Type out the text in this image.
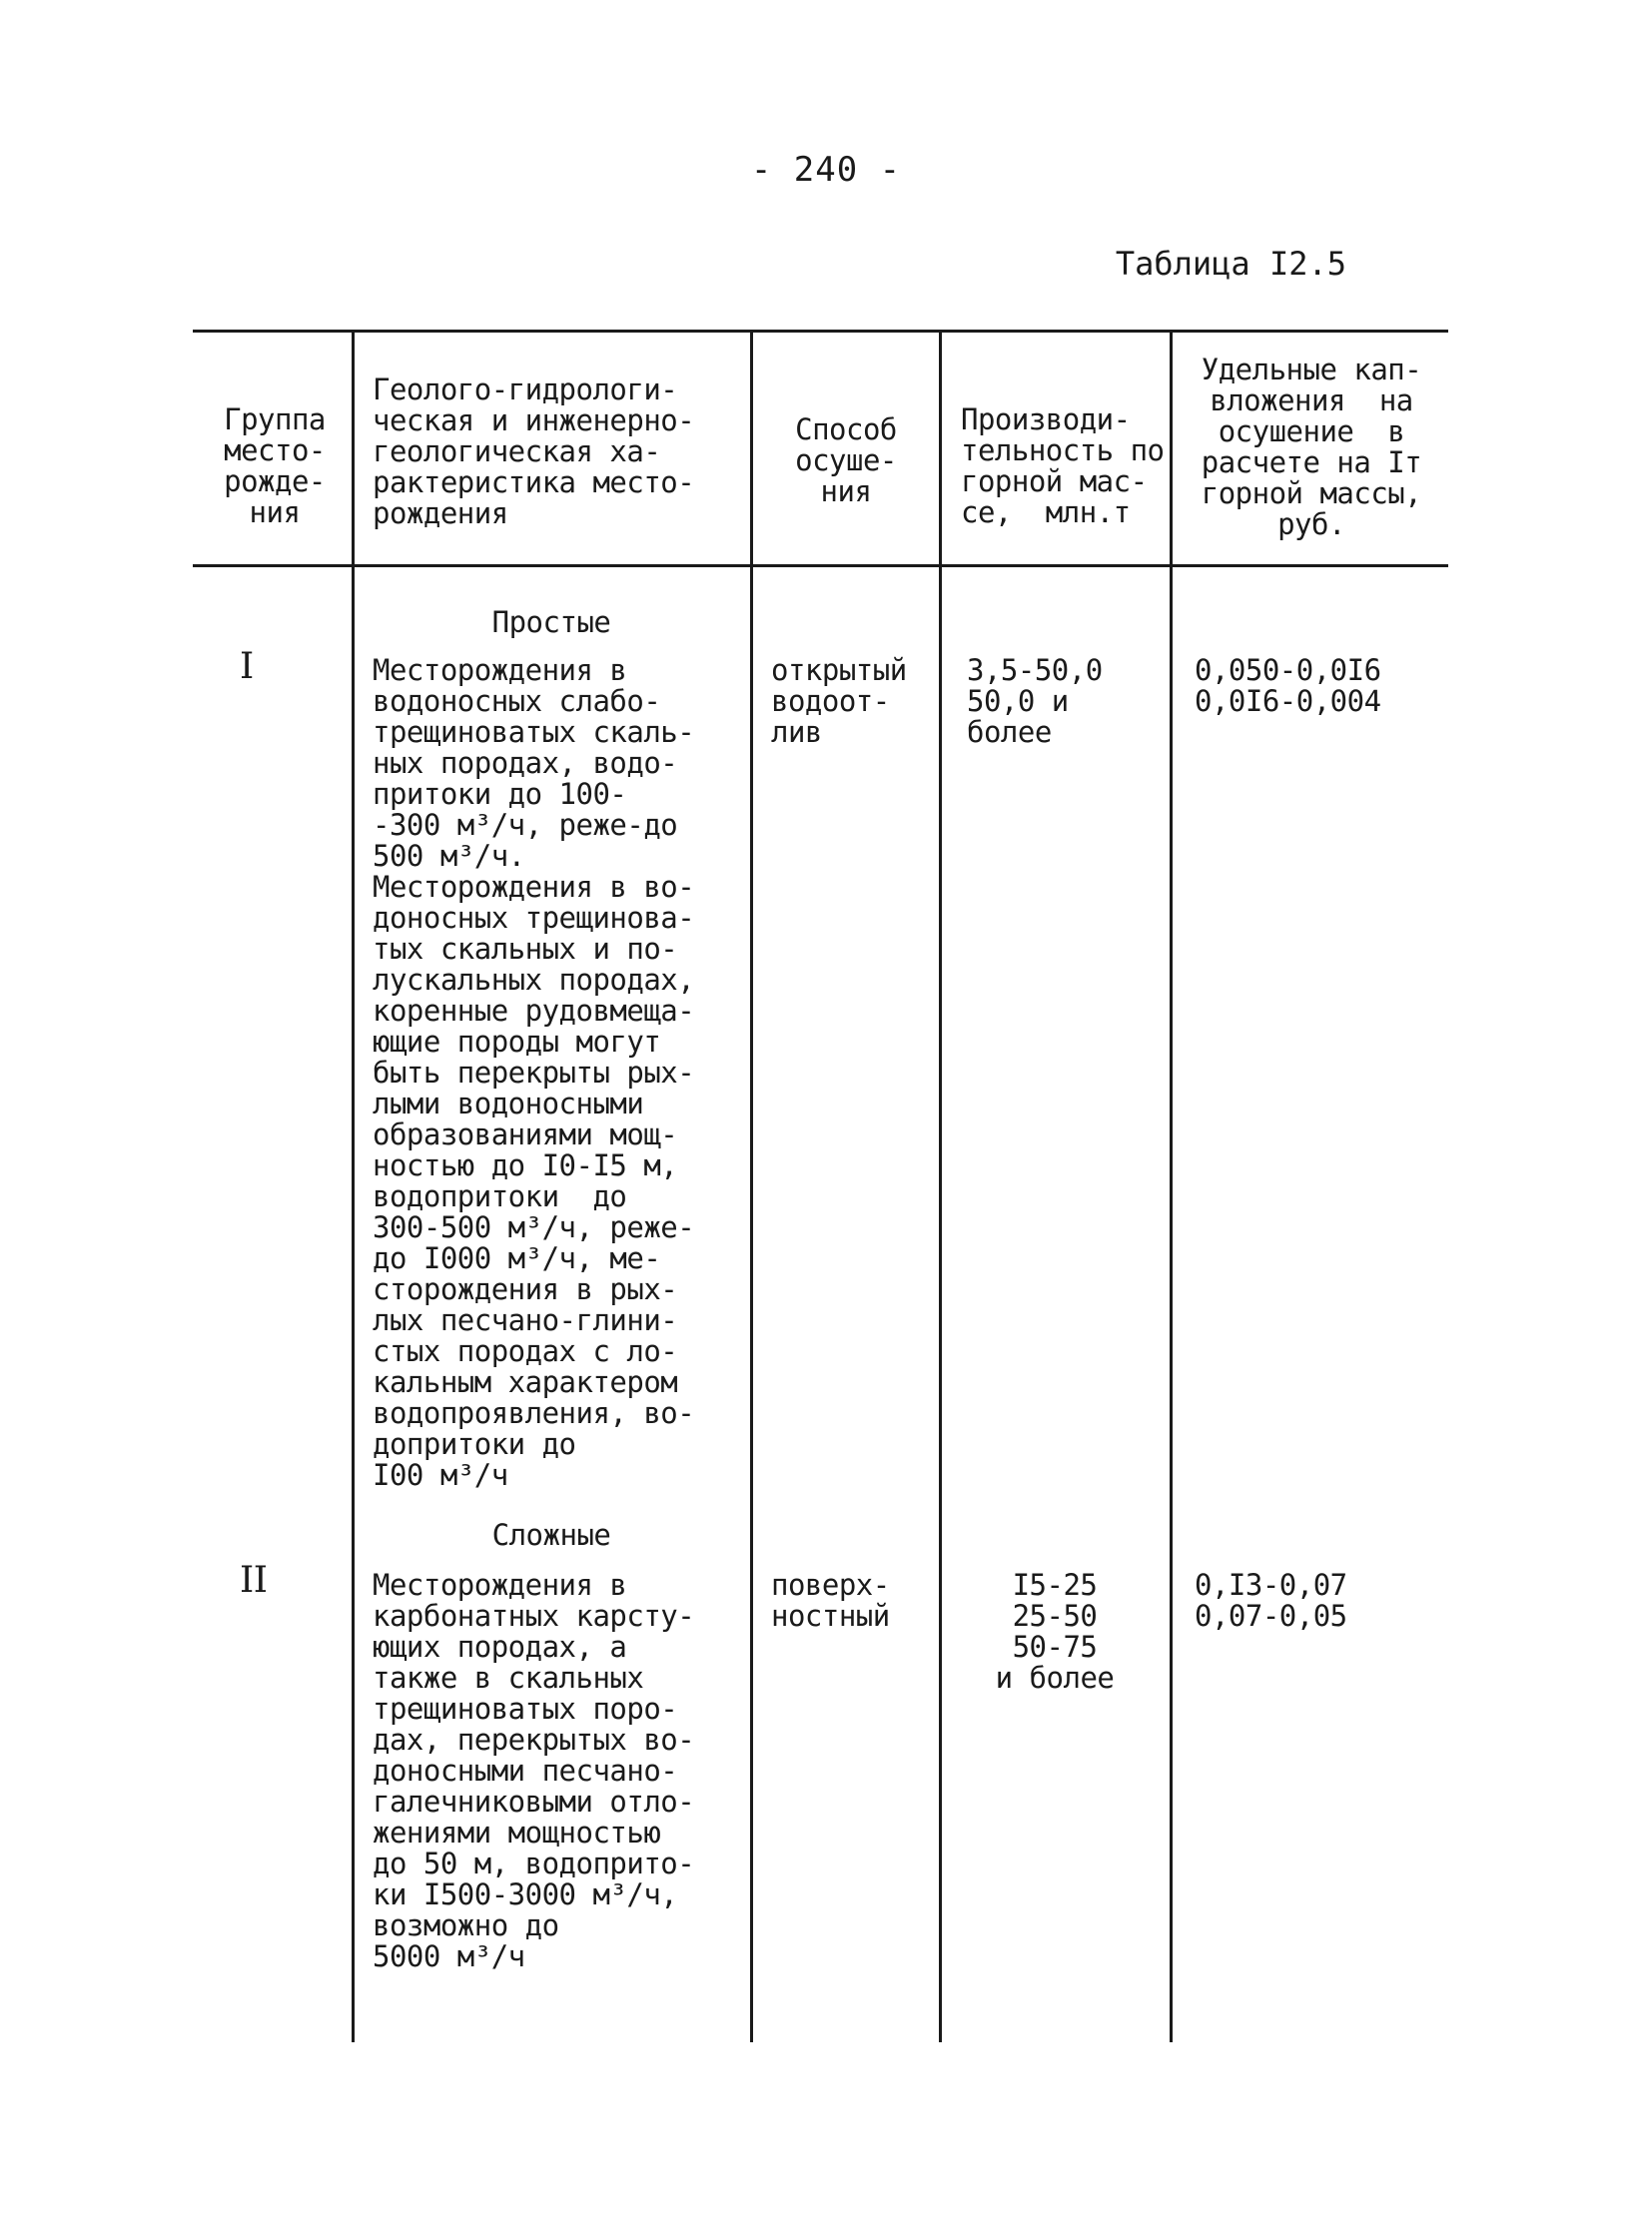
- 240 -
Таблица I2.5
Группа
место-
рожде-
ния
Геолого-гидрологи-
ческая и инженерно-
геологическая ха-
рактеристика место-
рождения
Способ
осуше-
ния
Производи-
тельность по
горной мас-
се,  млн.т
Удельные кап-
вложения  на
осушение  в
расчете на Iт
горной массы,
руб.
Простые
I	Месторождения в
водоносных слабо-
трещиноватых скаль-
ных породах, водо-
притоки до 100-
-300 м³/ч, реже-до
500 м³/ч.
Месторождения в во-
доносных трещинова-
тых скальных и по-
лускальных породах,
коренные рудовмеща-
ющие породы могут
быть перекрыты рых-
лыми водоносными
образованиями мощ-
ностью до I0-I5 м,
водопритоки  до
300-500 м³/ч, реже-
до I000 м³/ч, ме-
сторождения в рых-
лых песчано-глини-
стых породах с ло-
кальным характером
водопроявления, во-
допритоки до
I00 м³/ч
открытый
водоот-
лив
3,5-50,0
50,0 и
более
0,050-0,0I6
0,0I6-0,004
Сложные
II	Месторождения в
карбонатных карсту-
ющих породах, а
также в скальных
трещиноватых поро-
дах, перекрытых во-
доносными песчано-
галечниковыми отло-
жениями мощностью
до 50 м, водоприто-
ки I500-3000 м³/ч,
возможно до
5000 м³/ч
поверх-
ностный
I5-25
25-50
50-75
и более
0,I3-0,07
0,07-0,05
